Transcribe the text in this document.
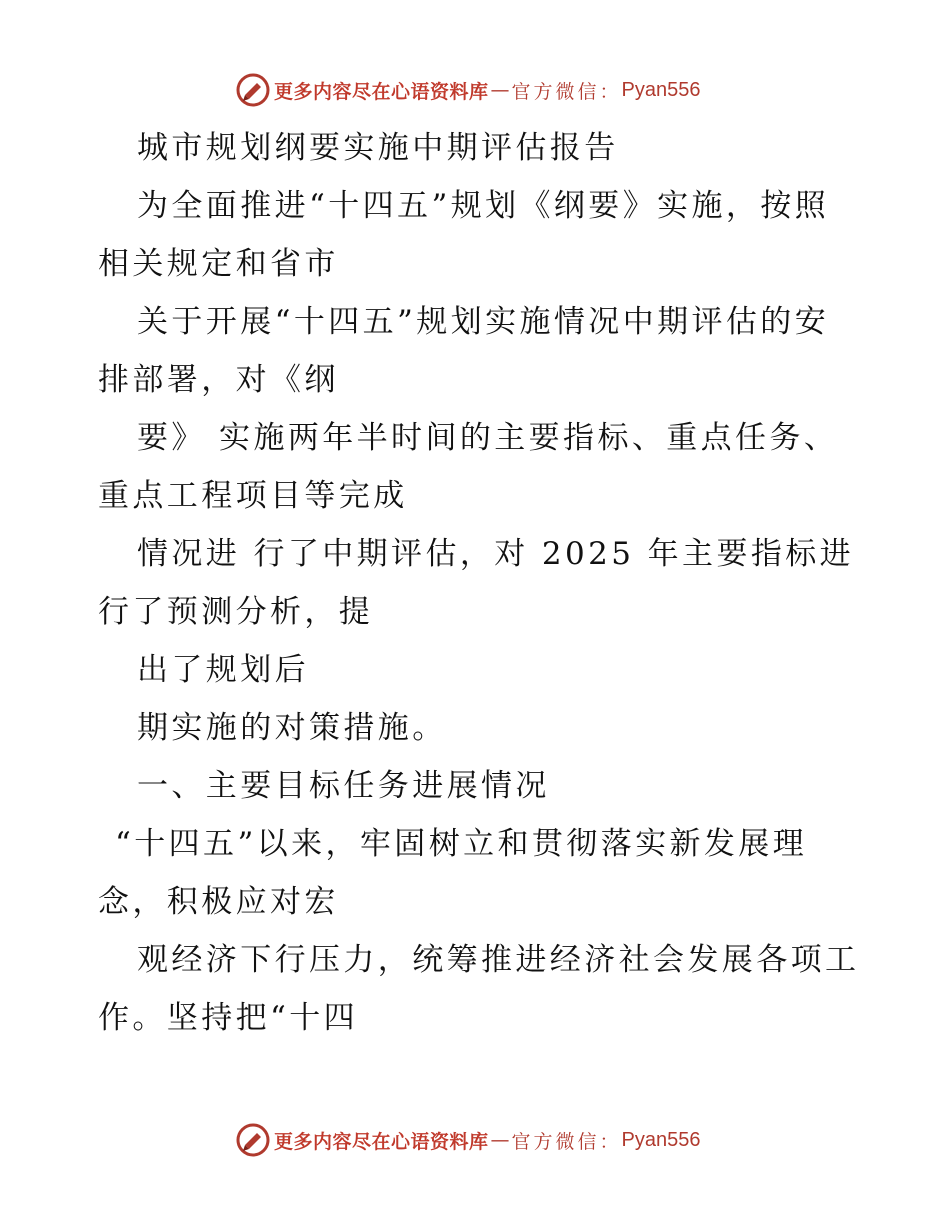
更多内容尽在心语资料库 — 官方微信： Pyan556
城市规划纲要实施中期评估报告
为全面推进“十四五”规划《纲要》实施，按照
相关规定和省市
关于开展“十四五”规划实施情况中期评估的安
排部署，对《纲
要》 实施两年半时间的主要指标、重点任务、
重点工程项目等完成
情况进 行了中期评估，对 2025 年主要指标进
行了预测分析，提
出了规划后
期实施的对策措施。
一、主要目标任务进展情况
“十四五”以来，牢固树立和贯彻落实新发展理
念，积极应对宏
观经济下行压力，统筹推进经济社会发展各项工
作。坚持把“十四
更多内容尽在心语资料库 — 官方微信： Pyan556
